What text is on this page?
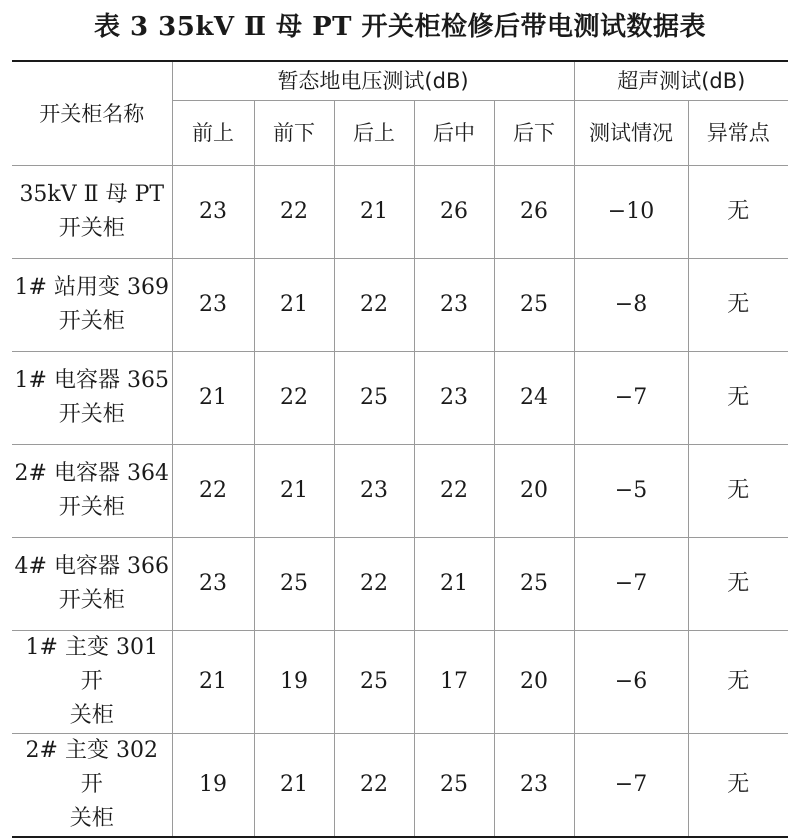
表 3 35kV Ⅱ 母 PT 开关柜检修后带电测试数据表
开关柜名称	暂态地电压测试(dB)					超声测试(dB)	
	前上	前下	后上	后中	后下	测试情况	异常点

35kV Ⅱ 母 PT
开关柜	23	22	21	26	26	−10	无

1# 站用变 369
开关柜	23	21	22	23	25	−8	无

1# 电容器 365
开关柜	21	22	25	23	24	−7	无

2# 电容器 364
开关柜	22	21	23	22	20	−5	无

4# 电容器 366
开关柜	23	25	22	21	25	−7	无

1# 主变 301 开
关柜	21	19	25	17	20	−6	无

2# 主变 302 开
关柜	19	21	22	25	23	−7	无
